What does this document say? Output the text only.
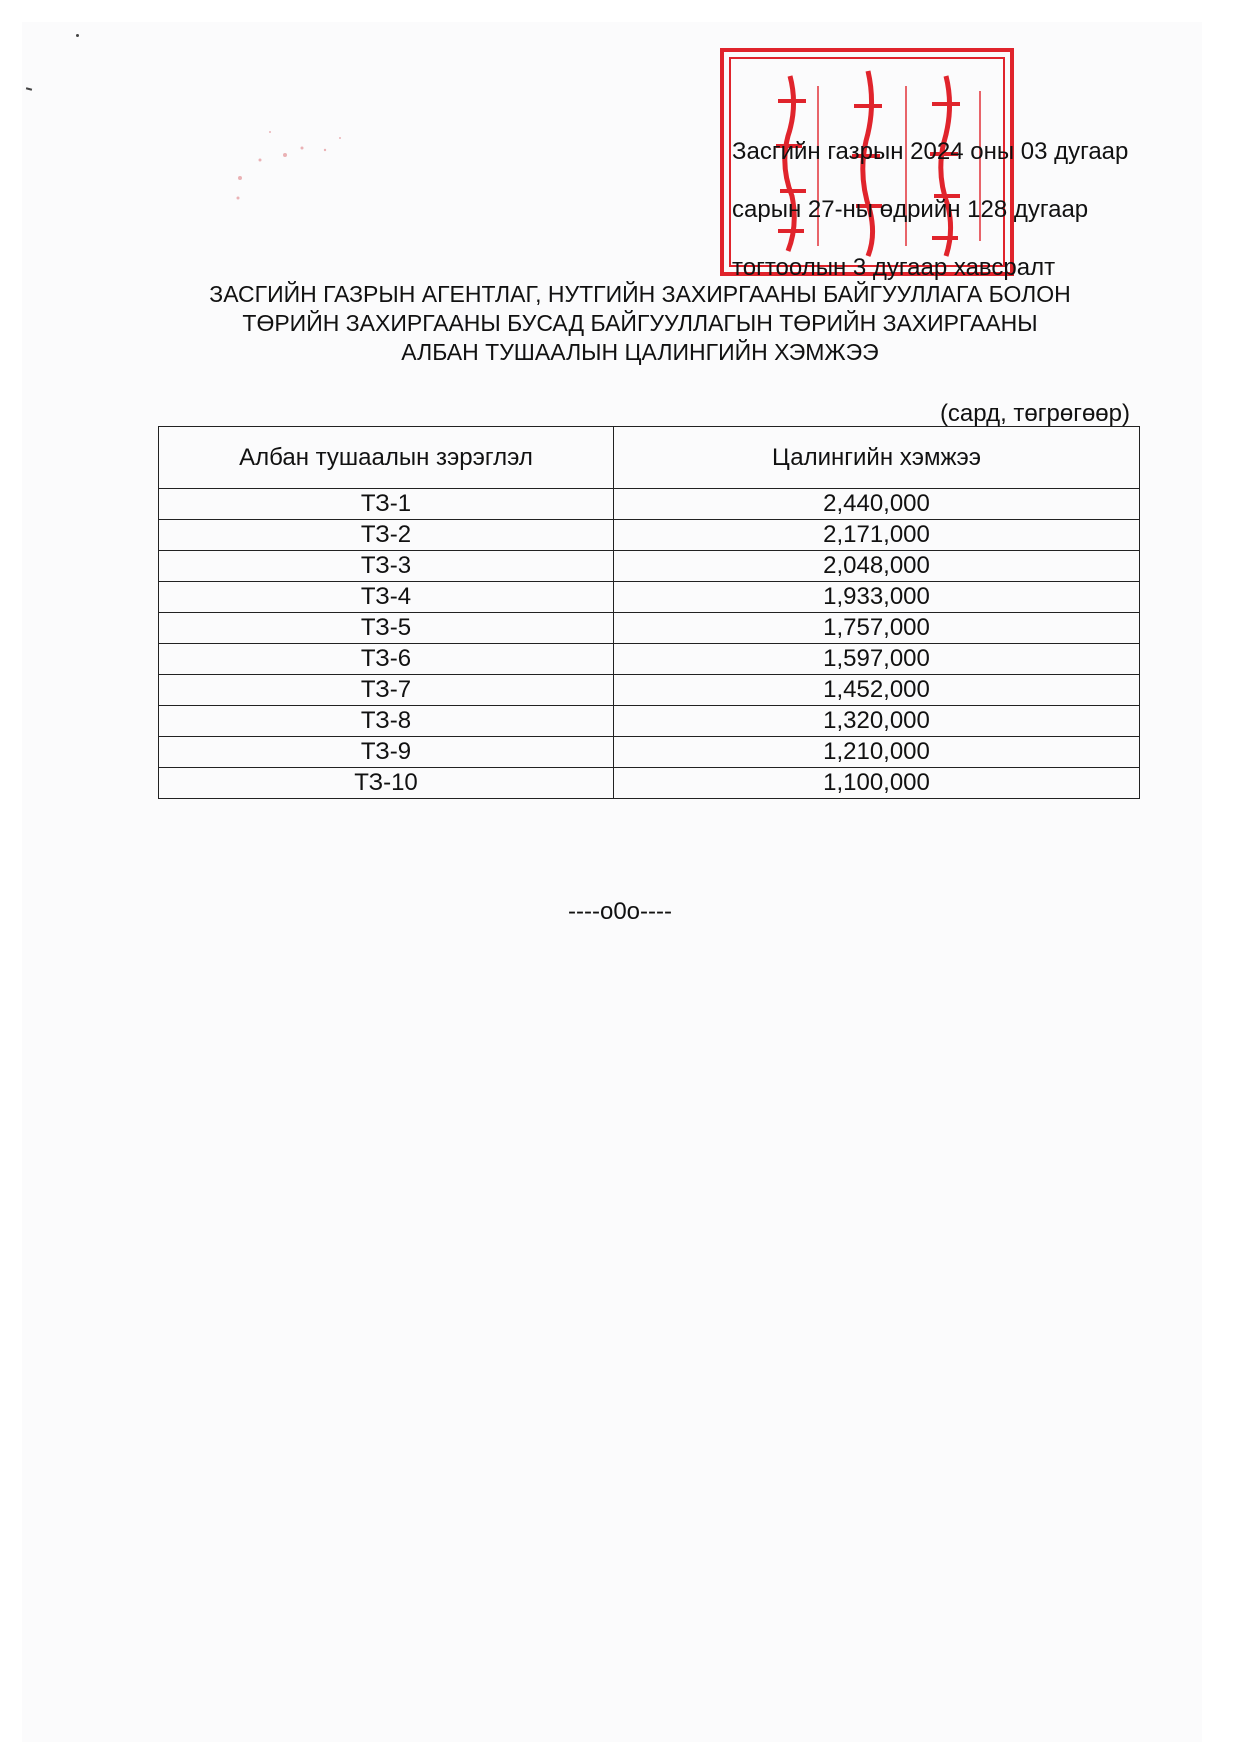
Засгийн газрын 2024 оны 03 дугаар

сарын 27-ны өдрийн 128 дугаар

тогтоолын 3 дугаар хавсралт

ЗАСГИЙН ГАЗРЫН АГЕНТЛАГ, НУТГИЙН ЗАХИРГААНЫ БАЙГУУЛЛАГА БОЛОН
ТӨРИЙН ЗАХИРГААНЫ БУСАД БАЙГУУЛЛАГЫН ТӨРИЙН ЗАХИРГААНЫ
АЛБАН ТУШААЛЫН ЦАЛИНГИЙН ХЭМЖЭЭ
(сард, төгрөгөөр)
Албан тушаалын зэрэглэл	Цалингийн хэмжээ
ТЗ-1	2,440,000
ТЗ-2	2,171,000
ТЗ-3	2,048,000
ТЗ-4	1,933,000
ТЗ-5	1,757,000
ТЗ-6	1,597,000
ТЗ-7	1,452,000
ТЗ-8	1,320,000
ТЗ-9	1,210,000
ТЗ-10	1,100,000
----o0o----
